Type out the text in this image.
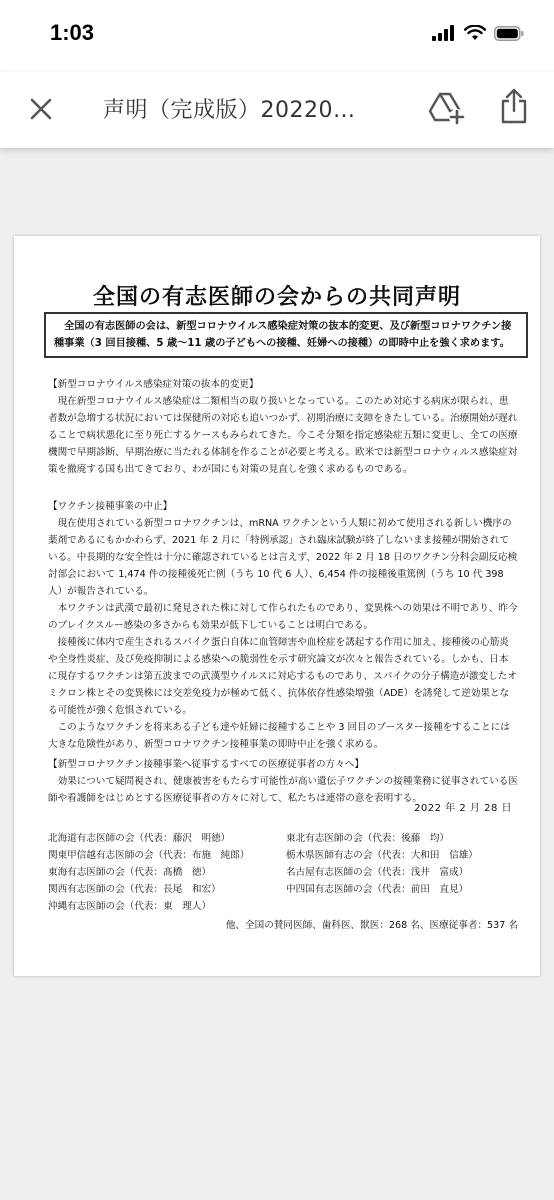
1:03
声明（完成版）20220…
全国の有志医師の会からの共同声明

全国の有志医師の会は、新型コロナウイルス感染症対策の抜本的変更、及び新型コロナワクチン接種事業（3 回目接種、5 歳～11 歳の子どもへの接種、妊婦への接種）の即時中止を強く求めます。

【新型コロナウイルス感染症対策の抜本的変更】

現在新型コロナウイルス感染症は二類相当の取り扱いとなっている。このため対応する病床が限られ、患者数が急増する状況においては保健所の対応も追いつかず、初期治療に支障をきたしている。治療開始が遅れることで病状悪化に至り死亡するケースもみられてきた。今こそ分類を指定感染症五類に変更し、全ての医療機関で早期診断、早期治療に当たれる体制を作ることが必要と考える。欧米では新型コロナウィルス感染症対策を撤廃する国も出てきており、わが国にも対策の見直しを強く求めるものである。

【ワクチン接種事業の中止】

現在使用されている新型コロナワクチンは、mRNA ワクチンという人類に初めて使用される新しい機序の薬剤であるにもかかわらず、2021 年 2 月に「特例承認」され臨床試験が終了しないまま接種が開始されている。中長期的な安全性は十分に確認されているとは言えず、2022 年 2 月 18 日のワクチン分科会副反応検討部会において 1,474 件の接種後死亡例（うち 10 代 6 人）、6,454 件の接種後重篤例（うち 10 代 398 人）が報告されている。

本ワクチンは武漢で最初に発見された株に対して作られたものであり、変異株への効果は不明であり、昨今のブレイクスルー感染の多さからも効果が低下していることは明白である。

接種後に体内で産生されるスパイク蛋白自体に血管障害や血栓症を誘起する作用に加え、接種後の心筋炎や全身性炎症、及び免疫抑制による感染への脆弱性を示す研究論文が次々と報告されている。しかも、日本に現存するワクチンは第五波までの武漢型ウイルスに対応するものであり、スパイクの分子構造が激変したオミクロン株とその変異株には交差免疫力が極めて低く、抗体依存性感染増強（ADE）を誘発して逆効果となる可能性が強く危惧されている。

このようなワクチンを将来ある子ども達や妊婦に接種することや 3 回目のブースター接種をすることには大きな危険性があり、新型コロナワクチン接種事業の即時中止を強く求める。

【新型コロナワクチン接種事業へ従事するすべての医療従事者の方々へ】

効果について疑問視され、健康被害をもたらす可能性が高い遺伝子ワクチンの接種業務に従事されている医師や看護師をはじめとする医療従事者の方々に対して、私たちは連帯の意を表明する。

2022 年 2 月 28 日
北海道有志医師の会（代表：藤沢　明徳）	東北有志医師の会（代表：後藤　均）
関東甲信越有志医師の会（代表：布施　純郎）	栃木県医師有志の会（代表：大和田　信雄）
東海有志医師の会（代表：髙橋　徳）	名古屋有志医師の会（代表：浅井　富成）
関西有志医師の会（代表：長尾　和宏）	中四国有志医師の会（代表：前田　直見）
沖縄有志医師の会（代表：東　理人）
他、全国の賛同医師、歯科医、獣医：268 名、医療従事者：537 名
